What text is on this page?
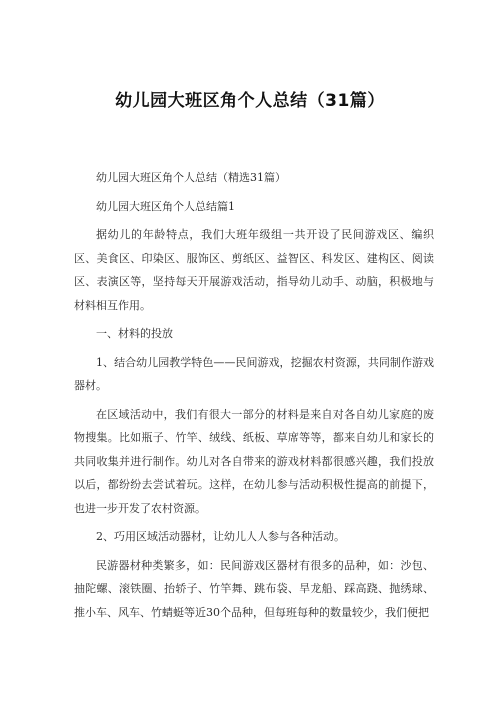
幼儿园大班区角个人总结（31篇）

幼儿园大班区角个人总结（精选31篇）

幼儿园大班区角个人总结篇1

据幼儿的年龄特点，我们大班年级组一共开设了民间游戏区、编织区、美食区、印染区、服饰区、剪纸区、益智区、科发区、建构区、阅读区、表演区等，坚持每天开展游戏活动，指导幼儿动手、动脑，积极地与材料相互作用。

一、材料的投放

1、结合幼儿园教学特色——民间游戏，挖掘农村资源，共同制作游戏器材。

在区域活动中，我们有很大一部分的材料是来自对各自幼儿家庭的废物搜集。比如瓶子、竹竿、绒线、纸板、草席等等，都来自幼儿和家长的共同收集并进行制作。幼儿对各自带来的游戏材料都很感兴趣，我们投放以后，都纷纷去尝试着玩。这样，在幼儿参与活动积极性提高的前提下，也进一步开发了农村资源。

2、巧用区域活动器材，让幼儿人人参与各种活动。

民游器材种类繁多，如：民间游戏区器材有很多的品种，如：沙包、抽陀螺、滚铁圈、抬轿子、竹竿舞、跳布袋、旱龙船、踩高跷、抛绣球、推小车、风车、竹蜻蜓等近30个品种，但每班每种的数量较少，我们便把
